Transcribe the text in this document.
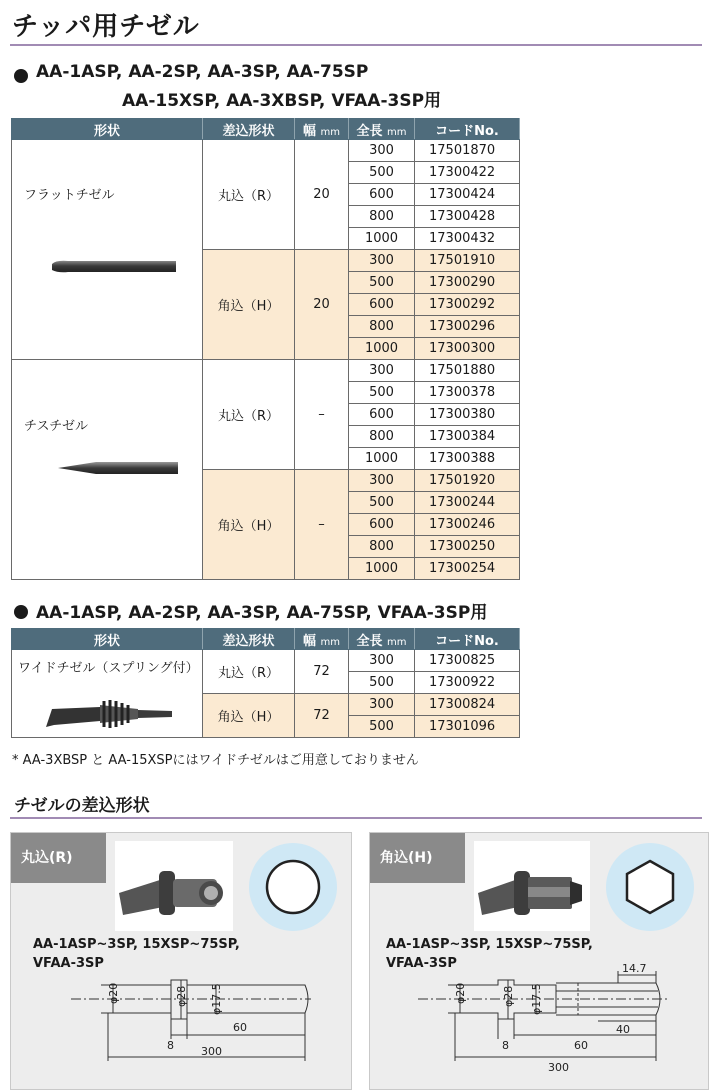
チッパ用チゼル
AA-1ASP, AA-2SP, AA-3SP, AA-75SP
AA-15XSP, AA-3XBSP, VFAA-3SP用
形状	差込形状	幅 mm	全長 mm	コードNo.

フラットチゼル	丸込（R）	20	300	17501870
			500	17300422
			600	17300424
			800	17300428
			1000	17300432
	角込（H）	20	300	17501910
			500	17300290
			600	17300292
			800	17300296
			1000	17300300

チスチゼル	丸込（R）	–	300	17501880
			500	17300378
			600	17300380
			800	17300384
			1000	17300388
	角込（H）	–	300	17501920
			500	17300244
			600	17300246
			800	17300250
			1000	17300254
AA-1ASP, AA-2SP, AA-3SP, AA-75SP, VFAA-3SP用
形状	差込形状	幅 mm	全長 mm	コードNo.

ワイドチゼル（スプリング付）	丸込（R）	72	300	17300825
			500	17300922
	角込（H）	72	300	17300824
			500	17301096
* AA-3XBSP と AA-15XSPにはワイドチゼルはご用意しておりません
チゼルの差込形状
丸込(R)
AA-1ASP~3SP, 15XSP~75SP,
VFAA-3SP
φ20	φ28 φ17.5
8
60
300
角込(H)
AA-1ASP~3SP, 15XSP~75SP,
VFAA-3SP
φ20	φ28 φ17.5
14.7
40
60
8
300
